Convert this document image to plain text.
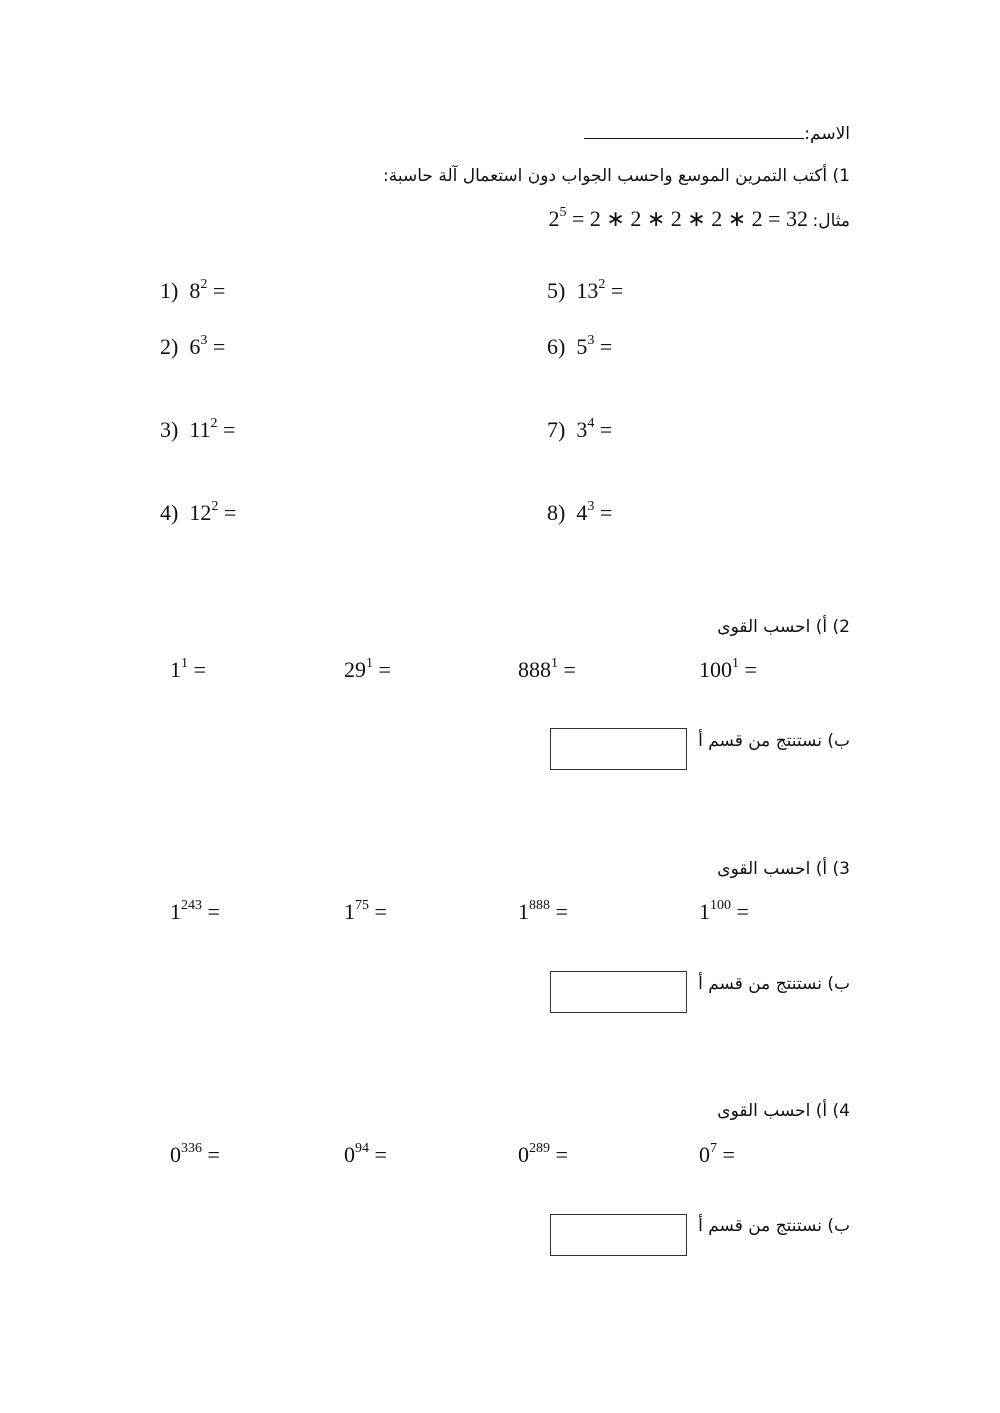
الاسم:
1) أكتب التمرين الموسع واحسب الجواب دون استعمال آلة حاسبة:
مثال: $2^5 = 2$ ∗ 2 ∗ 2 ∗ 2 ∗ 2 = 32
1) $8^2$ =
2) $6^3$ =
3) $11^2$ =
4) $12^2$ =
5) $13^2$ =
6) $5^3$ =
7) $3^4$ =
8) $4^3$ =
2) أ) احسب القوى
$1^1$ =	$29^1$ =	$888^1$ =	$100^1$ =
ب) نستنتج من قسم أ
3) أ) احسب القوى
$1^{243}$ =	$1^{75}$ =	$1^{888}$ =	$1^{100}$ =
ب) نستنتج من قسم أ
4) أ) احسب القوى
$0^{336}$ =	$0^{94}$ =	$0^{289}$ =	$0^7$ =
ب) نستنتج من قسم أ
